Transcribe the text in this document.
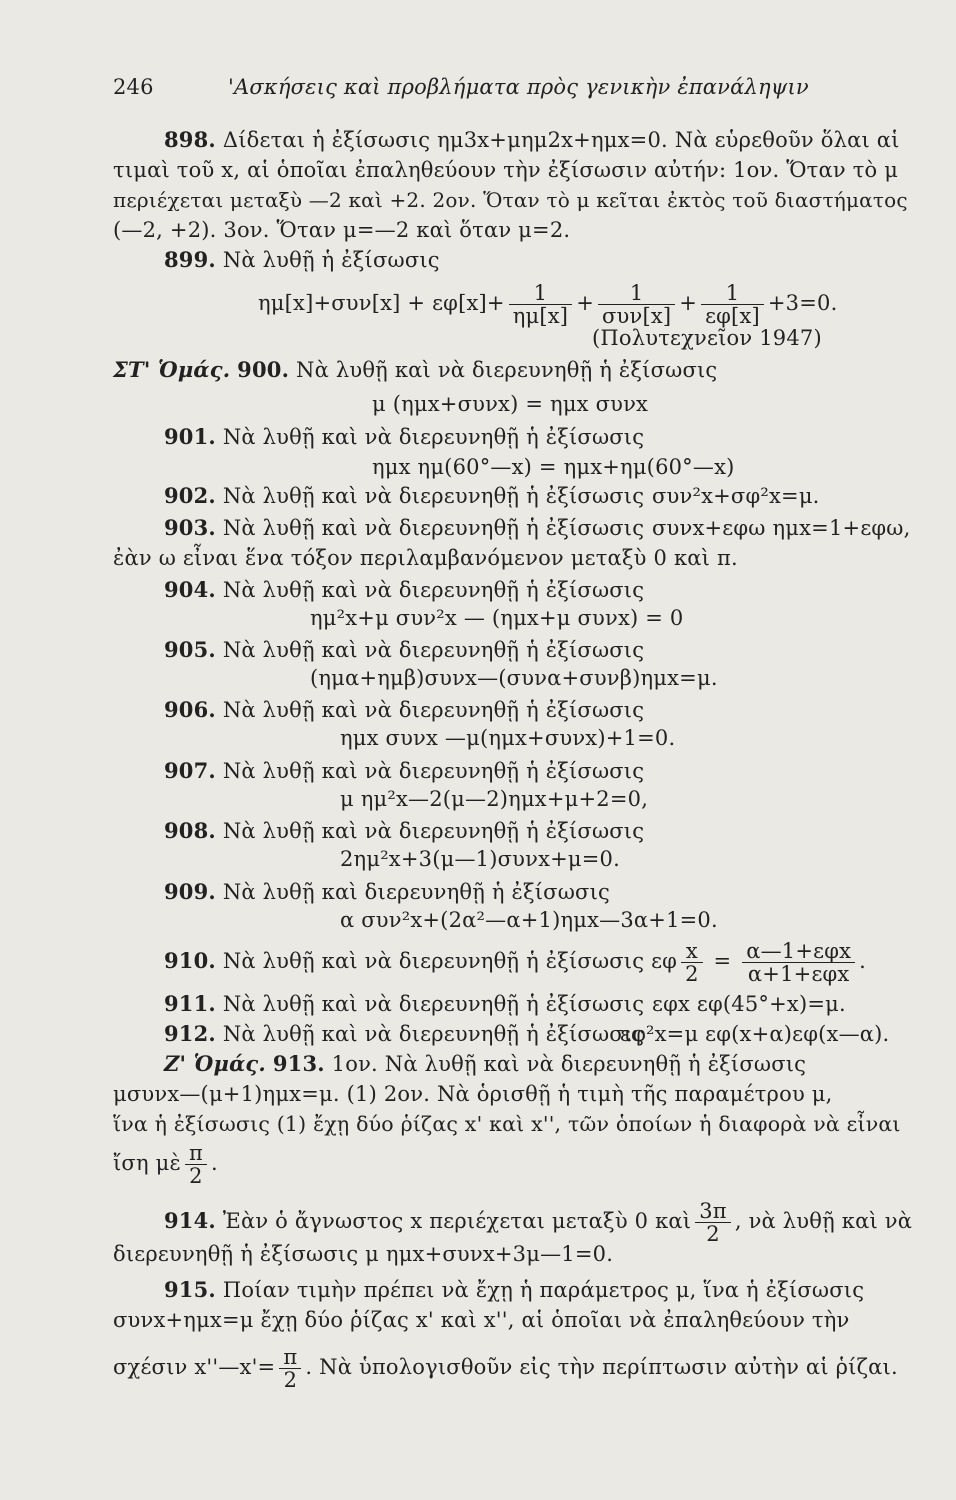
246	'Ασκήσεις καὶ προβλήματα πρὸς γενικὴν ἐπανάληψιν
898. Δίδεται ἡ ἐξίσωσις ημ3x+μημ2x+ημx=0. Νὰ εὑρεθοῦν ὅλαι αἱ
τιμαὶ τοῦ x, αἱ ὁποῖαι ἐπαληθεύουν τὴν ἐξίσωσιν αὐτήν: 1ον. Ὅταν τὸ μ
περιέχεται μεταξὺ —2 καὶ +2. 2ον. Ὅταν τὸ μ κεῖται ἐκτὸς τοῦ διαστήματος
(—2, +2). 3ον. Ὅταν μ=—2 καὶ ὅταν μ=2.
899. Νὰ λυθῇ ἡ ἐξίσωσις
$\eta\mu[x]+\sigma\upsilon\nu[x] + \varepsilon\varphi[x]+ \frac{1}{\eta\mu[x]} + \frac{1}{\text{συν[x]}} + \frac{1}{\varepsilon\varphi[x]} +3=0$.
(Πολυτεχνεῖον 1947)
ΣΤ' Ὁμάς. 900. Νὰ λυθῇ καὶ νὰ διερευνηθῇ ἡ ἐξίσωσις
μ (ημx+συνx) = ημx συνx
901. Νὰ λυθῇ καὶ νὰ διερευνηθῇ ἡ ἐξίσωσις
ημx ημ(60°—x) = ημx+ημ(60°—x)
902. Νὰ λυθῇ καὶ νὰ διερευνηθῇ ἡ ἐξίσωσις συν²x+σφ²x=μ.
903. Νὰ λυθῇ καὶ νὰ διερευνηθῇ ἡ ἐξίσωσις συνx+εφω ημx=1+εφω,
ἐὰν ω εἶναι ἕνα τόξον περιλαμβανόμενον μεταξὺ 0 καὶ π.
904. Νὰ λυθῇ καὶ νὰ διερευνηθῇ ἡ ἐξίσωσις
ημ²x+μ συν²x — (ημx+μ συνx) = 0
905. Νὰ λυθῇ καὶ νὰ διερευνηθῇ ἡ ἐξίσωσις
(ημα+ημβ)συνx—(συνα+συνβ)ημx=μ.
906. Νὰ λυθῇ καὶ νὰ διερευνηθῇ ἡ ἐξίσωσις
ημx συνx —μ(ημx+συνx)+1=0.
907. Νὰ λυθῇ καὶ νὰ διερευνηθῇ ἡ ἐξίσωσις
μ ημ²x—2(μ—2)ημx+μ+2=0,
908. Νὰ λυθῇ καὶ νὰ διερευνηθῇ ἡ ἐξίσωσις
2ημ²x+3(μ—1)συνx+μ=0.
909. Νὰ λυθῇ καὶ διερευνηθῇ ἡ ἐξίσωσις
α συν²x+(2α²—α+1)ημx—3α+1=0.
910. Νὰ λυθῇ καὶ νὰ διερευνηθῇ ἡ ἐξίσωσις εφ $\frac{x}{2} = \frac{\text{α—1+εφx}}{\text{α+1+εφx}}$ .
911. Νὰ λυθῇ καὶ νὰ διερευνηθῇ ἡ ἐξίσωσις εφx εφ(45°+x)=μ.
912. Νὰ λυθῇ καὶ νὰ διερευνηθῇ ἡ ἐξίσωσις
εφ²x=μ εφ(x+α)εφ(x—α).
Ζ' Ὁμάς. 913. 1ον. Νὰ λυθῇ καὶ νὰ διερευνηθῇ ἡ ἐξίσωσις
μσυνx—(μ+1)ημx=μ. (1) 2ον. Νὰ ὁρισθῇ ἡ τιμὴ τῆς παραμέτρου μ,
ἵνα ἡ ἐξίσωσις (1) ἔχῃ δύο ῥίζας x' καὶ x'', τῶν ὁποίων ἡ διαφορὰ νὰ εἶναι
ἴση μὲ $\frac{\pi}{2}$ .
914. Ἐὰν ὁ ἄγνωστος x περιέχεται μεταξὺ 0 καὶ $\frac{3\pi}{2}$ , νὰ λυθῇ καὶ νὰ
διερευνηθῇ ἡ ἐξίσωσις μ ημx+συνx+3μ—1=0.
915. Ποίαν τιμὴν πρέπει νὰ ἔχῃ ἡ παράμετρος μ, ἵνα ἡ ἐξίσωσις
συνx+ημx=μ ἔχῃ δύο ῥίζας x' καὶ x'', αἱ ὁποῖαι νὰ ἐπαληθεύουν τὴν
σχέσιν x''—x'= $\frac{\pi}{2}$ . Νὰ ὑπολογισθοῦν εἰς τὴν περίπτωσιν αὐτὴν αἱ ῥίζαι.
